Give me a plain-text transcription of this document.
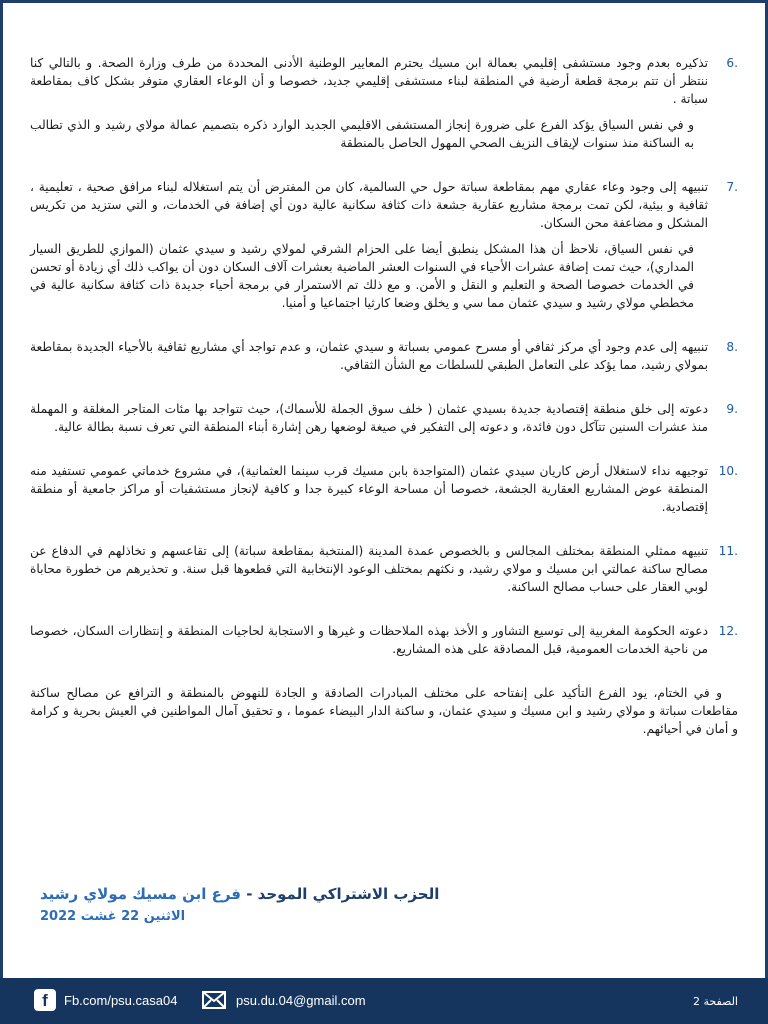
6.

تذكيره بعدم وجود مستشفى إقليمي بعمالة ابن مسيك يحترم المعايير الوطنية الأدنى المحددة من طرف وزارة الصحة. و بالتالي كنا ننتظر أن تتم برمجة قطعة أرضية في المنطقة لبناء مستشفى إقليمي جديد، خصوصا و أن الوعاء العقاري متوفر بشكل كاف بمقاطعة سباتة .

و في نفس السياق يؤكد الفرع على ضرورة إنجاز المستشفى الاقليمي الجديد الوارد ذكره بتصميم عمالة مولاي رشيد و الذي تطالب به الساكنة منذ سنوات لإيقاف النزيف الصحي المهول الحاصل بالمنطقة

7.

تنبيهه إلى وجود وعاء عقاري مهم بمقاطعة سباتة حول حي السالمية، كان من المفترض أن يتم استغلاله لبناء مرافق صحية ، تعليمية ، ثقافية و بيئية، لكن تمت برمجة مشاريع عقارية جشعة ذات كثافة سكانية عالية دون أي إضافة في الخدمات، و التي ستزيد من تكريس المشكل و مضاعفة محن السكان.

في نفس السياق، نلاحظ أن هذا المشكل ينطبق أيضا على الحزام الشرقي لمولاي رشيد و سيدي عثمان (الموازي للطريق السيار المداري)، حيث تمت إضافة عشرات الأحياء في السنوات العشر الماضية بعشرات آلاف السكان دون أن يواكب ذلك أي زيادة أو تحسن في الخدمات خصوصا الصحة و التعليم و النقل و الأمن. و مع ذلك تم الاستمرار في برمجة أحياء جديدة ذات كثافة سكانية عالية في مخططي مولاي رشيد و سيدي عثمان مما سي و يخلق وضعا كارثيا اجتماعيا و أمنيا.

8.

تنبيهه إلى عدم وجود أي مركز ثقافي أو مسرح عمومي بسباتة و سيدي عثمان، و عدم تواجد أي مشاريع ثقافية بالأحياء الجديدة بمقاطعة بمولاي رشيد، مما يؤكد على التعامل الطبقي للسلطات مع الشأن الثقافي.

9.

دعوته إلى خلق منطقة إقتصادية جديدة بسيدي عثمان ( خلف سوق الجملة للأسماك)، حيث تتواجد بها مئات المتاجر المغلقة و المهملة منذ عشرات السنين تتآكل دون فائدة، و دعوته إلى التفكير في صيغة لوضعها رهن إشارة أبناء المنطقة التي تعرف نسبة بطالة عالية.

10.

توجيهه نداء لاستغلال أرض كاريان سيدي عثمان (المتواجدة بابن مسيك قرب سينما العثمانية)، في مشروع خدماتي عمومي تستفيد منه المنطقة عوض المشاريع العقارية الجشعة، خصوصا أن مساحة الوعاء كبيرة جدا و كافية لإنجاز مستشفيات أو مراكز جامعية أو منطقة إقتصادية.

11.

تنبيهه ممثلي المنطقة بمختلف المجالس و بالخصوص عمدة المدينة (المنتخبة بمقاطعة سباتة) إلى تقاعسهم و تخاذلهم في الدفاع عن مصالح ساكنة عمالتي ابن مسيك و مولاي رشيد، و نكثهم بمختلف الوعود الإنتخابية التي قطعوها قبل سنة. و تحذيرهم من خطورة محاباة لوبي العقار على حساب مصالح الساكنة.

12.

دعوته الحكومة المغربية إلى توسيع التشاور و الأخذ بهذه الملاحظات و غيرها و الاستجابة لحاجيات المنطقة و إنتظارات السكان، خصوصا من ناحية الخدمات العمومية، قبل المصادقة على هذه المشاريع.

و في الختام، يود الفرع التأكيد على إنفتاحه على مختلف المبادرات الصادقة و الجادة للنهوض بالمنطقة و الترافع عن مصالح ساكنة مقاطعات سباتة و مولاي رشيد و ابن مسيك و سيدي عثمان، و ساكنة الدار البيضاء عموما ، و تحقيق آمال المواطنين في العيش بحرية و كرامة و أمان في أحيائهم.

الحزب الاشتراكي الموحد - فرع ابن مسيك مولاي رشيد
الاثنين 22 غشت 2022
f	Fb.com/psu.casa04	psu.du.04@gmail.com	الصفحة 2
